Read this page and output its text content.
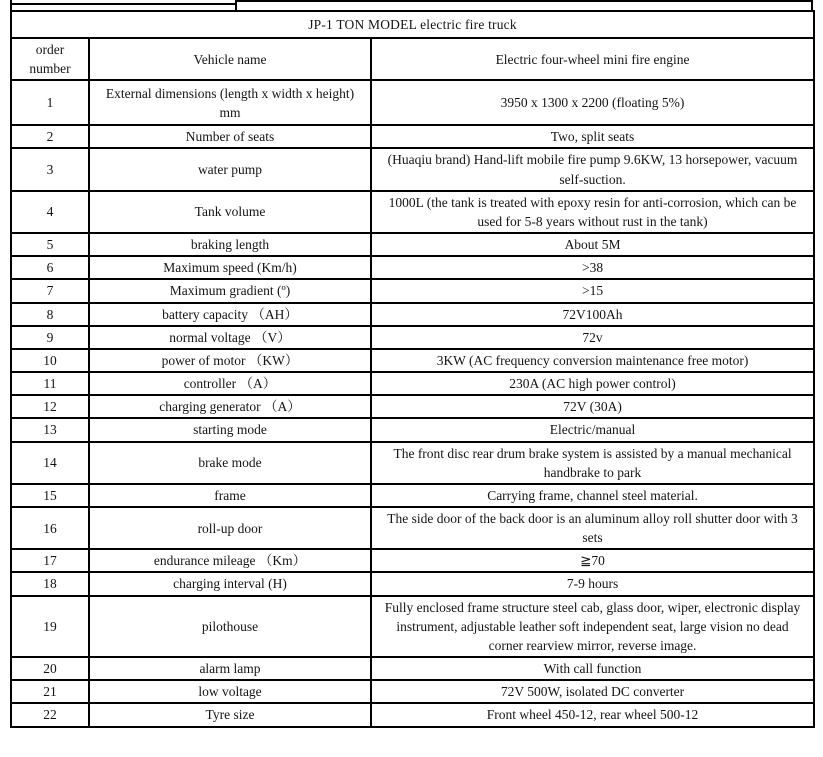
JP-1 TON MODEL electric fire truck		
order number	Vehicle name	Electric four-wheel mini fire engine
1	External dimensions (length x width x height) mm	3950 x 1300 x 2200 (floating 5%)
2	Number of seats	Two, split seats
3	water pump	(Huaqiu brand) Hand-lift mobile fire pump 9.6KW, 13 horsepower, vacuum self-suction.
4	Tank volume	1000L (the tank is treated with epoxy resin for anti-corrosion, which can be used for 5-8 years without rust in the tank)
5	braking length	About 5M
6	Maximum speed (Km/h)	>38
7	Maximum gradient (º)	>15
8	battery capacity （AH）	72V100Ah
9	normal voltage （V）	72v
10	power of motor （KW）	3KW (AC frequency conversion maintenance free motor)
11	controller （A）	230A (AC high power control)
12	charging generator （A）	72V (30A)
13	starting mode	Electric/manual
14	brake mode	The front disc rear drum brake system is assisted by a manual mechanical handbrake to park
15	frame	Carrying frame, channel steel material.
16	roll-up door	The side door of the back door is an aluminum alloy roll shutter door with 3 sets
17	endurance mileage （Km）	≧70
18	charging interval (H)	7-9 hours
19	pilothouse	Fully enclosed frame structure steel cab, glass door, wiper, electronic display instrument, adjustable leather soft independent seat, large vision no dead corner rearview mirror, reverse image.
20	alarm lamp	With call function
21	low voltage	72V 500W, isolated DC converter
22	Tyre size	Front wheel 450-12, rear wheel 500-12
